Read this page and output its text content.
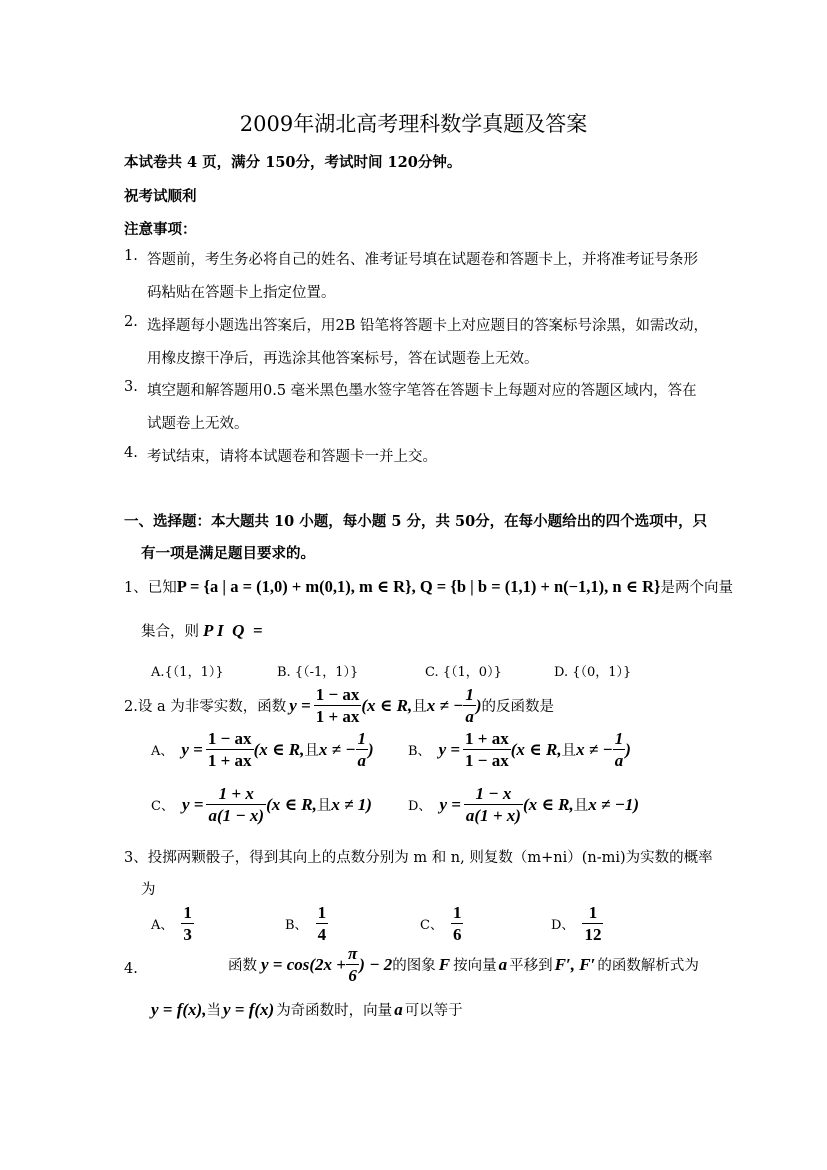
2009年湖北高考理科数学真题及答案
本试卷共 4 页，满分 150分，考试时间 120分钟。
祝考试顺利
注意事项：
1. 答题前，考生务必将自己的姓名、准考证号填在试题卷和答题卡上，并将准考证号条形
码粘贴在答题卡上指定位置。
2. 选择题每小题选出答案后，用2B 铅笔将答题卡上对应题目的答案标号涂黑，如需改动，
用橡皮擦干净后，再选涂其他答案标号，答在试题卷上无效。
3. 填空题和解答题用0.5 毫米黑色墨水签字笔答在答题卡上每题对应的答题区域内，答在
试题卷上无效。
4. 考试结束，请将本试题卷和答题卡一并上交。
一、选择题：本大题共 10 小题，每小题 5 分，共 50分，在每小题给出的四个选项中，只
有一项是满足题目要求的。
1、已知 P = {a | a = (1,0) + m(0,1), m ∈ R}, Q = {b | b = (1,1) + n(−1,1), n ∈ R} 是两个向量
集合，则 P I  Q  =
A.{（1，1）}	B. {（-1，1）}	C. {（1，0）}	D. {（0，1）}
2.设 a 为非零实数，函数 $y = \frac{1 - ax}{1 + ax} (x$ ∈ R, 且 x ≠ − $\frac{1}{a}$ ) 的反函数是
A、 $y = \frac{1 - ax}{1 + ax} (x$ ∈ R, 且 x ≠ − $\frac{1}{a}$ )	B、 $y = \frac{1 + ax}{1 - ax} (x$ ∈ R, 且 x ≠ − $\frac{1}{a}$ )
C、 $y = \frac{1 + x}{a(1 - x)} (x$ ∈ R, 且 x ≠ 1)	D、 $y = \frac{1 - x}{a(1 + x)} (x$ ∈ R, 且 x ≠ −1)
3、投掷两颗骰子，得到其向上的点数分别为 m 和 n, 则复数（m+ni）(n-mi)为实数的概率
为
A、 $\frac{1}{3}$	B、 $\frac{1}{4}$	C、 $\frac{1}{6}$	D、 $\frac{1}{12}$
4.	函数 $y = \cos(2x + \frac{\pi}{6}$ ) − 2 的图象 F 按向量 a 平移到 F′, F′ 的函数解析式为
y = f(x), 当 y = f(x) 为奇函数时，向量 a 可以等于
